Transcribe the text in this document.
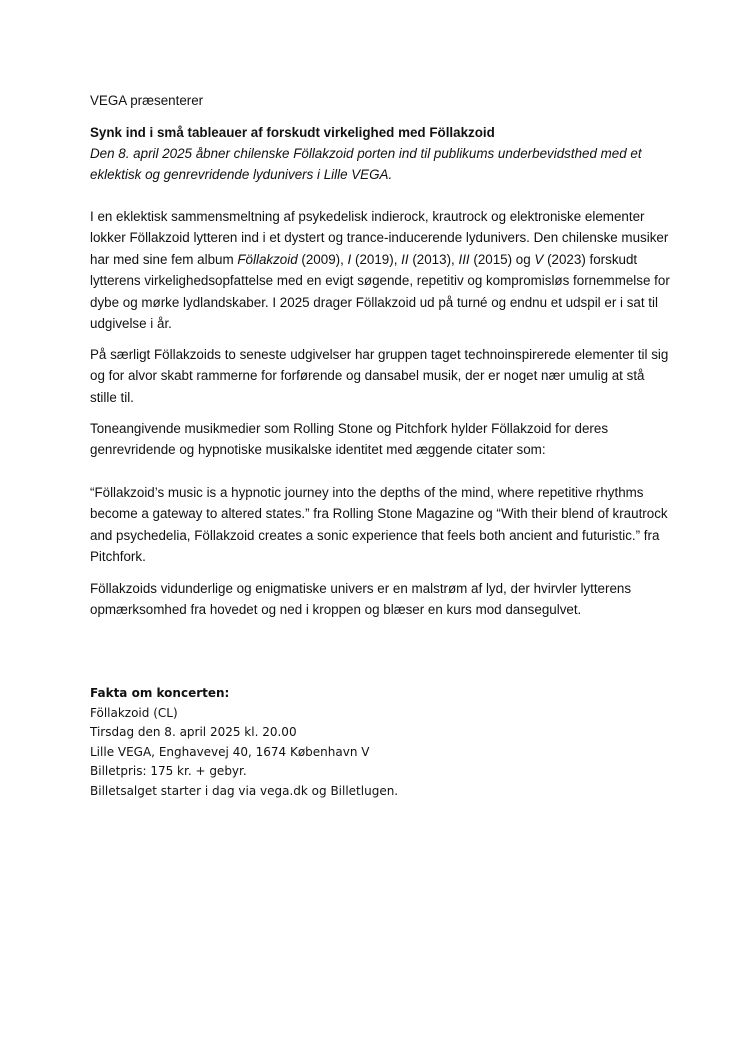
VEGA præsenterer

Synk ind i små tableauer af forskudt virkelighed med Föllakzoid

Den 8. april 2025 åbner chilenske Föllakzoid porten ind til publikums underbevidsthed med et eklektisk og genrevridende lydunivers i Lille VEGA.

I en eklektisk sammensmeltning af psykedelisk indierock, krautrock og elektroniske elementer lokker Föllakzoid lytteren ind i et dystert og trance-inducerende lydunivers. Den chilenske musiker har med sine fem album Föllakzoid (2009), I (2019), II (2013), III (2015) og V (2023) forskudt lytterens virkelighedsopfattelse med en evigt søgende, repetitiv og kompromisløs fornemmelse for dybe og mørke lydlandskaber. I 2025 drager Föllakzoid ud på turné og endnu et udspil er i sat til udgivelse i år.

På særligt Föllakzoids to seneste udgivelser har gruppen taget technoinspirerede elementer til sig og for alvor skabt rammerne for forførende og dansabel musik, der er noget nær umulig at stå stille til.

Toneangivende musikmedier som Rolling Stone og Pitchfork hylder Föllakzoid for deres genrevridende og hypnotiske musikalske identitet med æggende citater som:

“Föllakzoid’s music is a hypnotic journey into the depths of the mind, where repetitive rhythms become a gateway to altered states.” fra Rolling Stone Magazine og “With their blend of krautrock and psychedelia, Föllakzoid creates a sonic experience that feels both ancient and futuristic.” fra Pitchfork.

Föllakzoids vidunderlige og enigmatiske univers er en malstrøm af lyd, der hvirvler lytterens opmærksomhed fra hovedet og ned i kroppen og blæser en kurs mod dansegulvet.

Fakta om koncerten:
Föllakzoid (CL)
Tirsdag den 8. april 2025 kl. 20.00
Lille VEGA, Enghavevej 40, 1674 København V
Billetpris: 175 kr. + gebyr.
Billetsalget starter i dag via vega.dk og Billetlugen.
